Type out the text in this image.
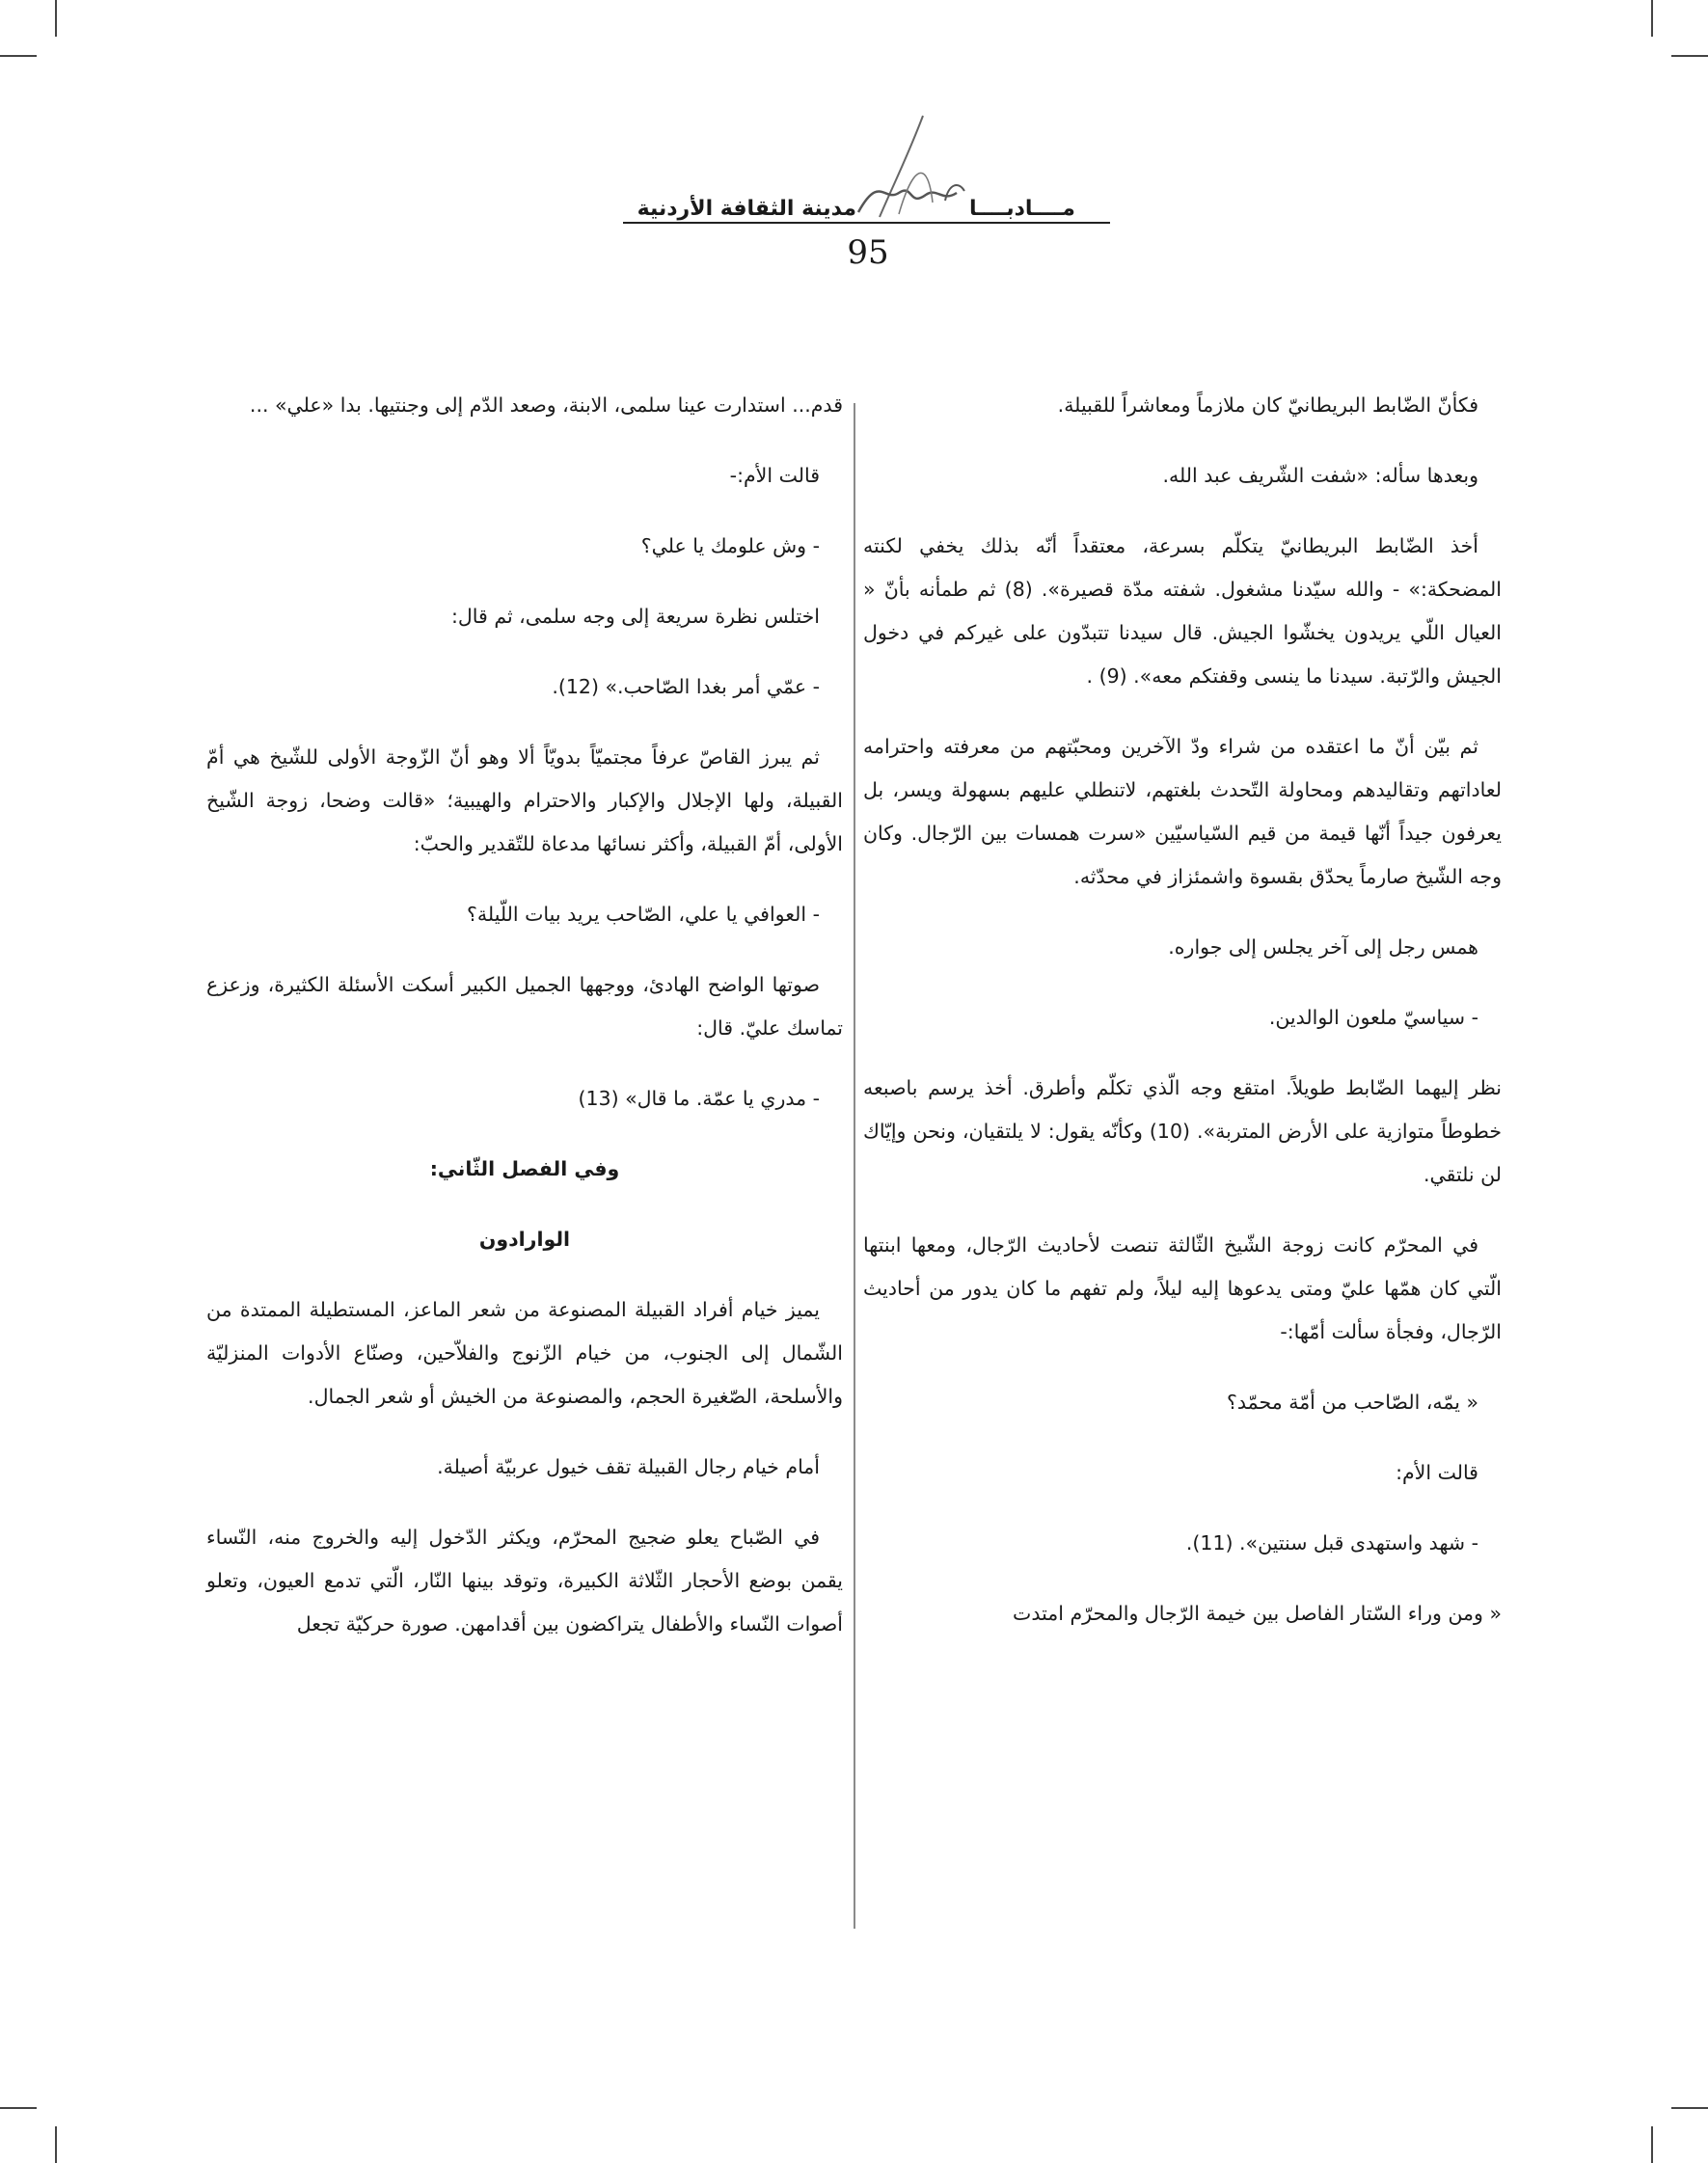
مدينة الثقافة الأردنية	مــــادبــــا
95

فكأنّ الضّابط البريطانيّ كان ملازماً ومعاشراً للقبيلة.

وبعدها سأله: «شفت الشّريف عبد الله.

أخذ الضّابط البريطانيّ يتكلّم بسرعة، معتقداً أنّه بذلك يخفي لكنته المضحكة:» - والله سيّدنا مشغول. شفته مدّة قصيرة». (8) ثم طمأنه بأنّ « العيال اللّي يريدون يخشّوا الجيش. قال سيدنا تتبدّون على غيركم في دخول الجيش والرّتبة. سيدنا ما ينسى وقفتكم معه». (9) .

ثم بيّن أنّ ما اعتقده من شراء ودّ الآخرين ومحبّتهم من معرفته واحترامه لعاداتهم وتقاليدهم ومحاولة التّحدث بلغتهم، لاتنطلي عليهم بسهولة ويسر، بل يعرفون جيداً أنّها قيمة من قيم السّياسيّين «سرت همسات بين الرّجال. وكان وجه الشّيخ صارماً يحدّق بقسوة واشمئزاز في محدّثه.

همس رجل إلى آخر يجلس إلى جواره.

- سياسيّ ملعون الوالدين.

نظر إليهما الضّابط طويلاً. امتقع وجه الّذي تكلّم وأطرق. أخذ يرسم باصبعه خطوطاً متوازية على الأرض المتربة». (10) وكأنّه يقول: لا يلتقيان، ونحن وإيّاك لن نلتقي.

في المحرّم كانت زوجة الشّيخ الثّالثة تنصت لأحاديث الرّجال، ومعها ابنتها الّتي كان همّها عليّ ومتى يدعوها إليه ليلاً، ولم تفهم ما كان يدور من أحاديث الرّجال، وفجأة سألت أمّها:-

« يمّه، الصّاحب من أمّة محمّد؟

قالت الأم:

- شهد واستهدى قبل سنتين». (11).

« ومن وراء السّتار الفاصل بين خيمة الرّجال والمحرّم امتدت

قدم... استدارت عينا سلمى، الابنة، وصعد الدّم إلى وجنتيها. بدا «علي» ...

قالت الأم:-

- وش علومك يا علي؟

اختلس نظرة سريعة إلى وجه سلمى، ثم قال:

- عمّي أمر بغدا الصّاحب.» (12).

ثم يبرز القاصّ عرفاً مجتميّاً بدويّاً ألا وهو أنّ الزّوجة الأولى للشّيخ هي أمّ القبيلة، ولها الإجلال والإكبار والاحترام والهيبية؛ «قالت وضحا، زوجة الشّيخ الأولى، أمّ القبيلة، وأكثر نسائها مدعاة للتّقدير والحبّ:

- العوافي يا علي، الصّاحب يريد بيات اللّيلة؟

صوتها الواضح الهادئ، ووجهها الجميل الكبير أسكت الأسئلة الكثيرة، وزعزع تماسك عليّ. قال:

- مدري يا عمّة. ما قال» (13)

وفي الفصل الثّاني:

الوارادون

يميز خيام أفراد القبيلة المصنوعة من شعر الماعز، المستطيلة الممتدة من الشّمال إلى الجنوب، من خيام الزّنوج والفلاّحين، وصنّاع الأدوات المنزليّة والأسلحة، الصّغيرة الحجم، والمصنوعة من الخيش أو شعر الجمال.

أمام خيام رجال القبيلة تقف خيول عربيّة أصيلة.

في الصّباح يعلو ضجيج المحرّم، ويكثر الدّخول إليه والخروج منه، النّساء يقمن بوضع الأحجار الثّلاثة الكبيرة، وتوقد بينها النّار، الّتي تدمع العيون، وتعلو أصوات النّساء والأطفال يتراكضون بين أقدامهن. صورة حركيّة تجعل
